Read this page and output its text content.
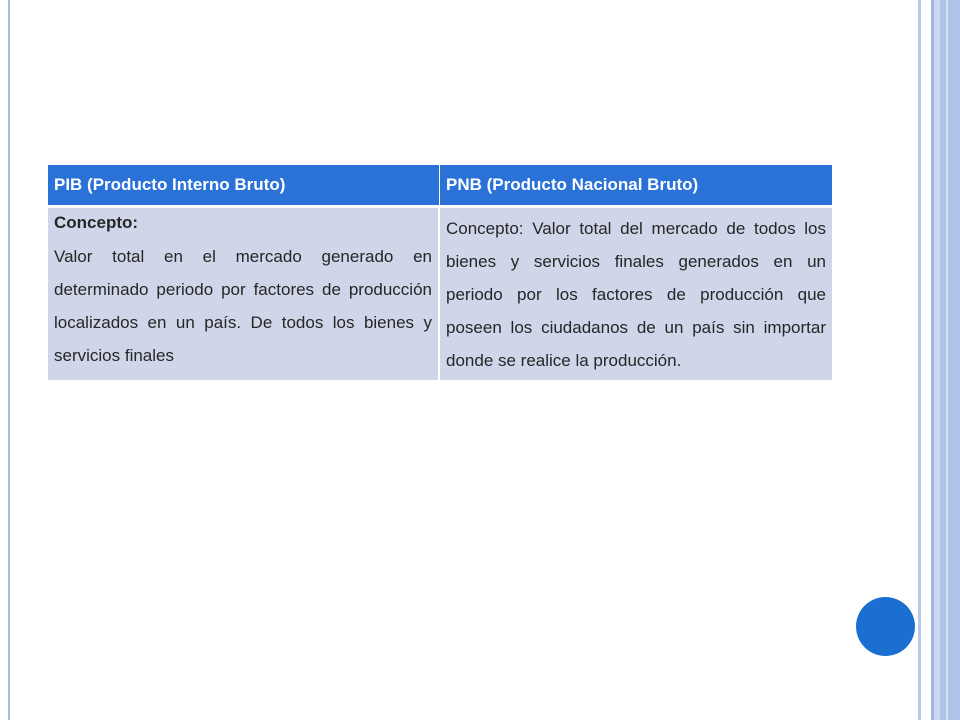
PIB (Producto Interno Bruto)	PNB (Producto Nacional Bruto)

Concepto:
Valor total en el mercado generado en determinado periodo por factores de producción localizados en un país. De todos los bienes y servicios finales	Concepto: Valor total del mercado de todos los bienes y servicios finales generados en un periodo por los factores de producción que poseen los ciudadanos de un país sin importar donde se realice la producción.
